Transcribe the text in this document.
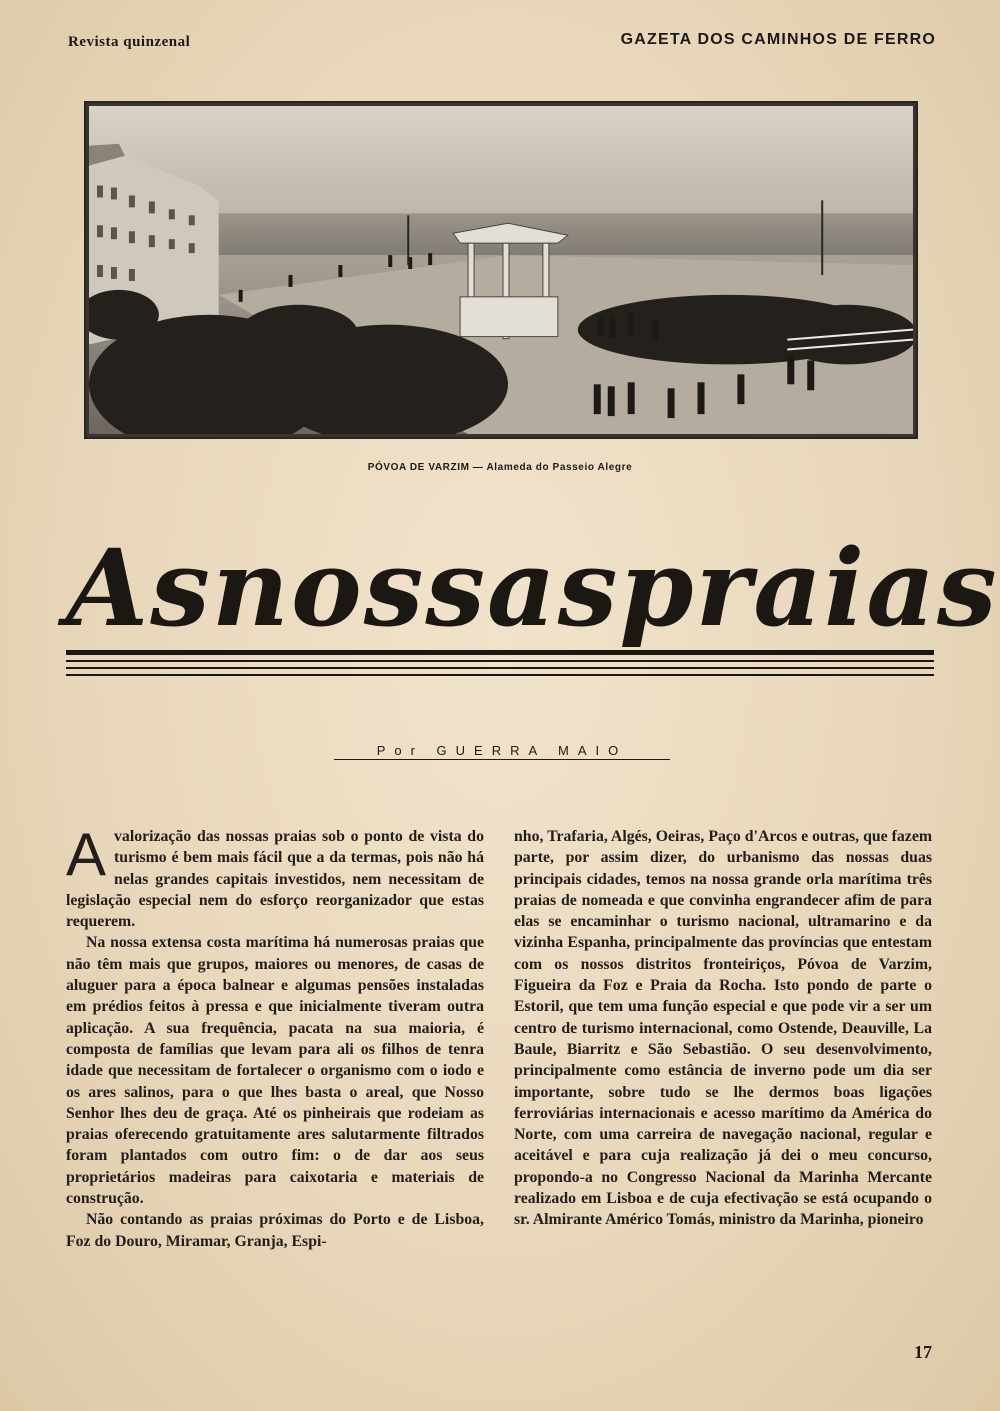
Revista quinzenal	GAZETA DOS CAMINHOS DE FERRO
PÓVOA DE VARZIM — Alameda do Passeio Alegre
As nossas praias
Por GUERRA MAIO

Avalorização das nossas praias sob o ponto de vista do turismo é bem mais fácil que a da termas, pois não há nelas grandes capitais investidos, nem necessitam de legislação especial nem do esforço reorganizador que estas requerem.

Na nossa extensa costa marítima há numerosas praias que não têm mais que grupos, maiores ou menores, de casas de aluguer para a época balnear e algumas pensões instaladas em prédios feitos à pressa e que inicialmente tiveram outra aplicação. A sua frequência, pacata na sua maioria, é composta de famílias que levam para ali os filhos de tenra idade que necessitam de fortalecer o organismo com o iodo e os ares salinos, para o que lhes basta o areal, que Nosso Senhor lhes deu de graça. Até os pinheirais que rodeiam as praias oferecendo gratuitamente ares salutarmente filtrados foram plantados com outro fim: o de dar aos seus proprietários madeiras para caixotaria e materiais de construção.

Não contando as praias próximas do Porto e de Lisboa, Foz do Douro, Miramar, Granja, Espi-

nho, Trafaria, Algés, Oeiras, Paço d'Arcos e outras, que fazem parte, por assim dizer, do urbanismo das nossas duas principais cidades, temos na nossa grande orla marítima três praias de nomeada e que convinha engrandecer afim de para elas se encaminhar o turismo nacional, ultramarino e da vizinha Espanha, principalmente das províncias que entestam com os nossos distritos fronteiriços, Póvoa de Varzim, Figueira da Foz e Praia da Rocha. Isto pondo de parte o Estoril, que tem uma função especial e que pode vir a ser um centro de turismo internacional, como Ostende, Deauville, La Baule, Biarritz e São Sebastião. O seu desenvolvimento, principalmente como estância de inverno pode um dia ser importante, sobre tudo se lhe dermos boas ligações ferroviárias internacionais e acesso marítimo da América do Norte, com uma carreira de navegação nacional, regular e aceitável e para cuja realização já dei o meu concurso, propondo-a no Congresso Nacional da Marinha Mercante realizado em Lisboa e de cuja efectivação se está ocupando o sr. Almirante Américo Tomás, ministro da Marinha, pioneiro

17
